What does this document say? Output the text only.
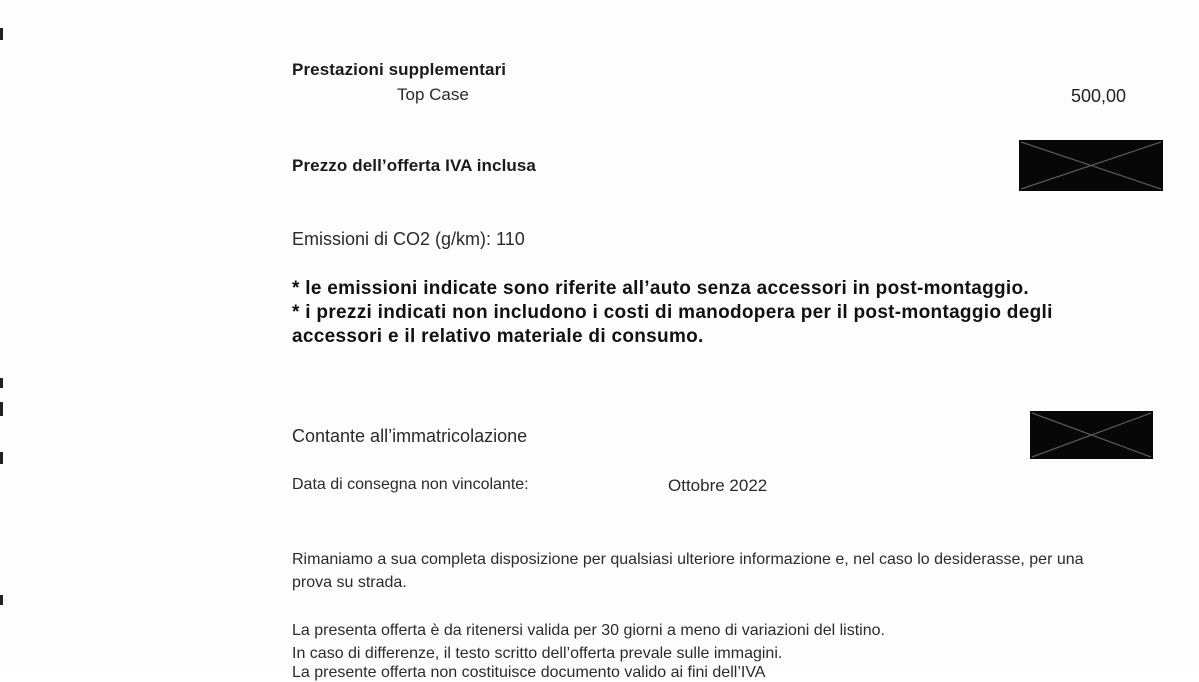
Prestazioni supplementari
Top Case	500,00
Prezzo dell’offerta IVA inclusa
Emissioni di CO2 (g/km): 110

* le emissioni indicate sono riferite all’auto senza accessori in post-montaggio.

* i prezzi indicati non includono i costi di manodopera per il post-montaggio degli accessori e il relativo materiale di consumo.

Contante all’immatricolazione
Data di consegna non vincolante:	Ottobre 2022

Rimaniamo a sua completa disposizione per qualsiasi ulteriore informazione e, nel caso lo desiderasse, per una prova su strada.

La presenta offerta è da ritenersi valida per 30 giorni a meno di variazioni del listino.

In caso di differenze, il testo scritto dell’offerta prevale sulle immagini.

La presente offerta non costituisce documento valido ai fini dell’IVA
